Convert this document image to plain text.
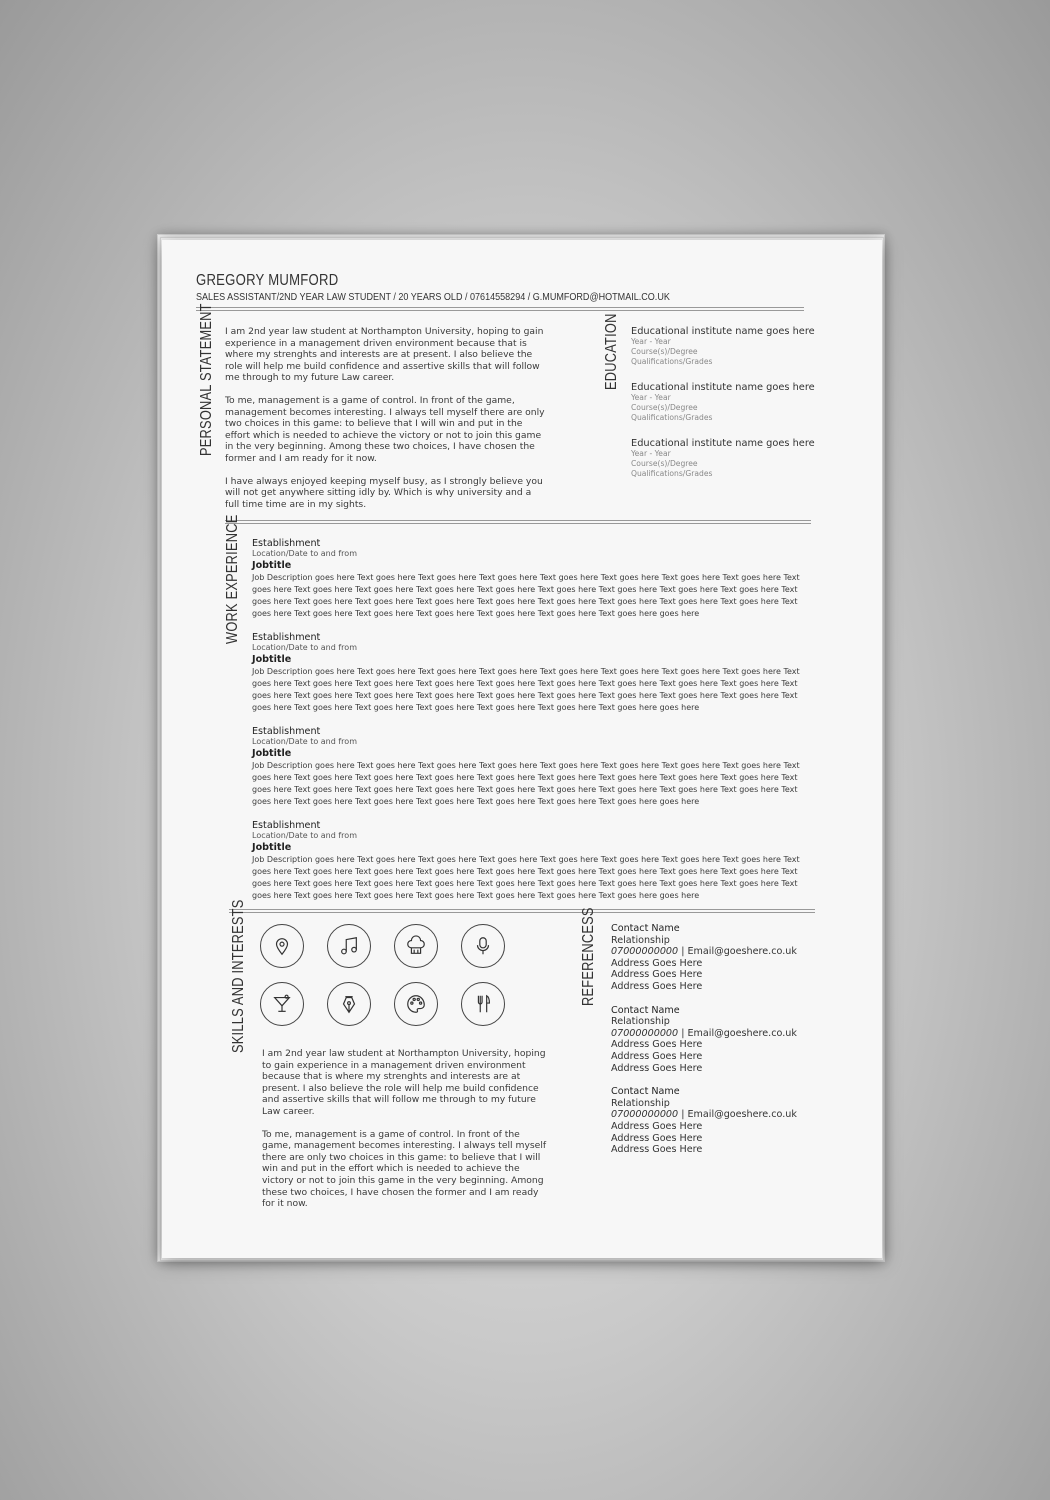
GREGORY MUMFORD
SALES ASSISTANT/2ND YEAR LAW STUDENT / 20 YEARS OLD / 07614558294 / G.MUMFORD@HOTMAIL.CO.UK
PERSONAL STATEMENT I am 2nd year law student at Northampton University, hoping to gain experience in a management driven environment because that is where my strenghts and interests are at present. I also believe the role will help me build confidence and assertive skills that will follow me through to my future Law career.

To me, management is a game of control. In front of the game, management becomes interesting. I always tell myself there are only two choices in this game: to believe that I will win and put in the effort which is needed to achieve the victory or not to join this game in the very beginning. Among these two choices, I have chosen the former and I am ready for it now.

I have always enjoyed keeping myself busy, as I strongly believe you will not get anywhere sitting idly by. Which is why university and a full time time are in my sights.

EDUCATION Educational institute name goes here
Year - Year
Course(s)/Degree
Qualifications/Grades
Educational institute name goes here
Year - Year
Course(s)/Degree
Qualifications/Grades
Educational institute name goes here
Year - Year
Course(s)/Degree
Qualifications/Grades
WORK EXPERIENCE Establishment
Location/Date to and from
Jobtitle
Job Description goes here Text goes here Text goes here Text goes here Text goes here Text goes here Text goes here Text goes here Text goes here Text goes here Text goes here Text goes here Text goes here Text goes here Text goes here Text goes here Text goes here Text goes here Text goes here Text goes here Text goes here Text goes here Text goes here Text goes here Text goes here Text goes here Text goes here Text goes here Text goes here Text goes here Text goes here Text goes here Text goes here goes here
Establishment
Location/Date to and from
Jobtitle
Job Description goes here Text goes here Text goes here Text goes here Text goes here Text goes here Text goes here Text goes here Text goes here Text goes here Text goes here Text goes here Text goes here Text goes here Text goes here Text goes here Text goes here Text goes here Text goes here Text goes here Text goes here Text goes here Text goes here Text goes here Text goes here Text goes here Text goes here Text goes here Text goes here Text goes here Text goes here Text goes here Text goes here goes here
Establishment
Location/Date to and from
Jobtitle
Job Description goes here Text goes here Text goes here Text goes here Text goes here Text goes here Text goes here Text goes here Text goes here Text goes here Text goes here Text goes here Text goes here Text goes here Text goes here Text goes here Text goes here Text goes here Text goes here Text goes here Text goes here Text goes here Text goes here Text goes here Text goes here Text goes here Text goes here Text goes here Text goes here Text goes here Text goes here Text goes here Text goes here goes here
Establishment
Location/Date to and from
Jobtitle
Job Description goes here Text goes here Text goes here Text goes here Text goes here Text goes here Text goes here Text goes here Text goes here Text goes here Text goes here Text goes here Text goes here Text goes here Text goes here Text goes here Text goes here Text goes here Text goes here Text goes here Text goes here Text goes here Text goes here Text goes here Text goes here Text goes here Text goes here Text goes here Text goes here Text goes here Text goes here Text goes here Text goes here goes here
SKILLS AND INTERESTS

I am 2nd year law student at Northampton University, hoping to gain experience in a management driven environment because that is where my strenghts and interests are at present. I also believe the role will help me build confidence and assertive skills that will follow me through to my future Law career.

To me, management is a game of control. In front of the game, management becomes interesting. I always tell myself there are only two choices in this game: to believe that I will win and put in the effort which is needed to achieve the victory or not to join this game in the very beginning. Among these two choices, I have chosen the former and I am ready for it now.

REFERENCESS Contact Name
Relationship
07000000000 | Email@goeshere.co.uk
Address Goes Here
Address Goes Here
Address Goes Here
Contact Name
Relationship
07000000000 | Email@goeshere.co.uk
Address Goes Here
Address Goes Here
Address Goes Here
Contact Name
Relationship
07000000000 | Email@goeshere.co.uk
Address Goes Here
Address Goes Here
Address Goes Here
